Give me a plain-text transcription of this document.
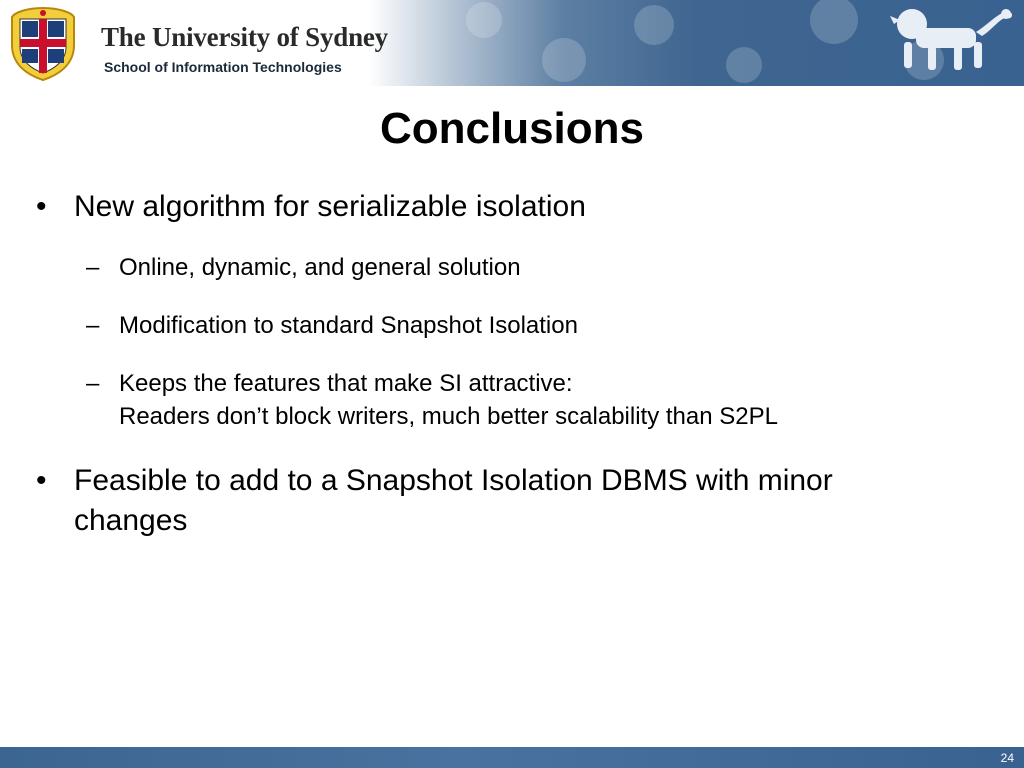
The University of Sydney
School of Information Technologies
Conclusions
• New algorithm for serializable isolation
– Online, dynamic, and general solution
– Modification to standard Snapshot Isolation
– Keeps the features that make SI attractive:
Readers don’t block writers, much better scalability than S2PL
• Feasible to add to a Snapshot Isolation DBMS with minor
changes
24
